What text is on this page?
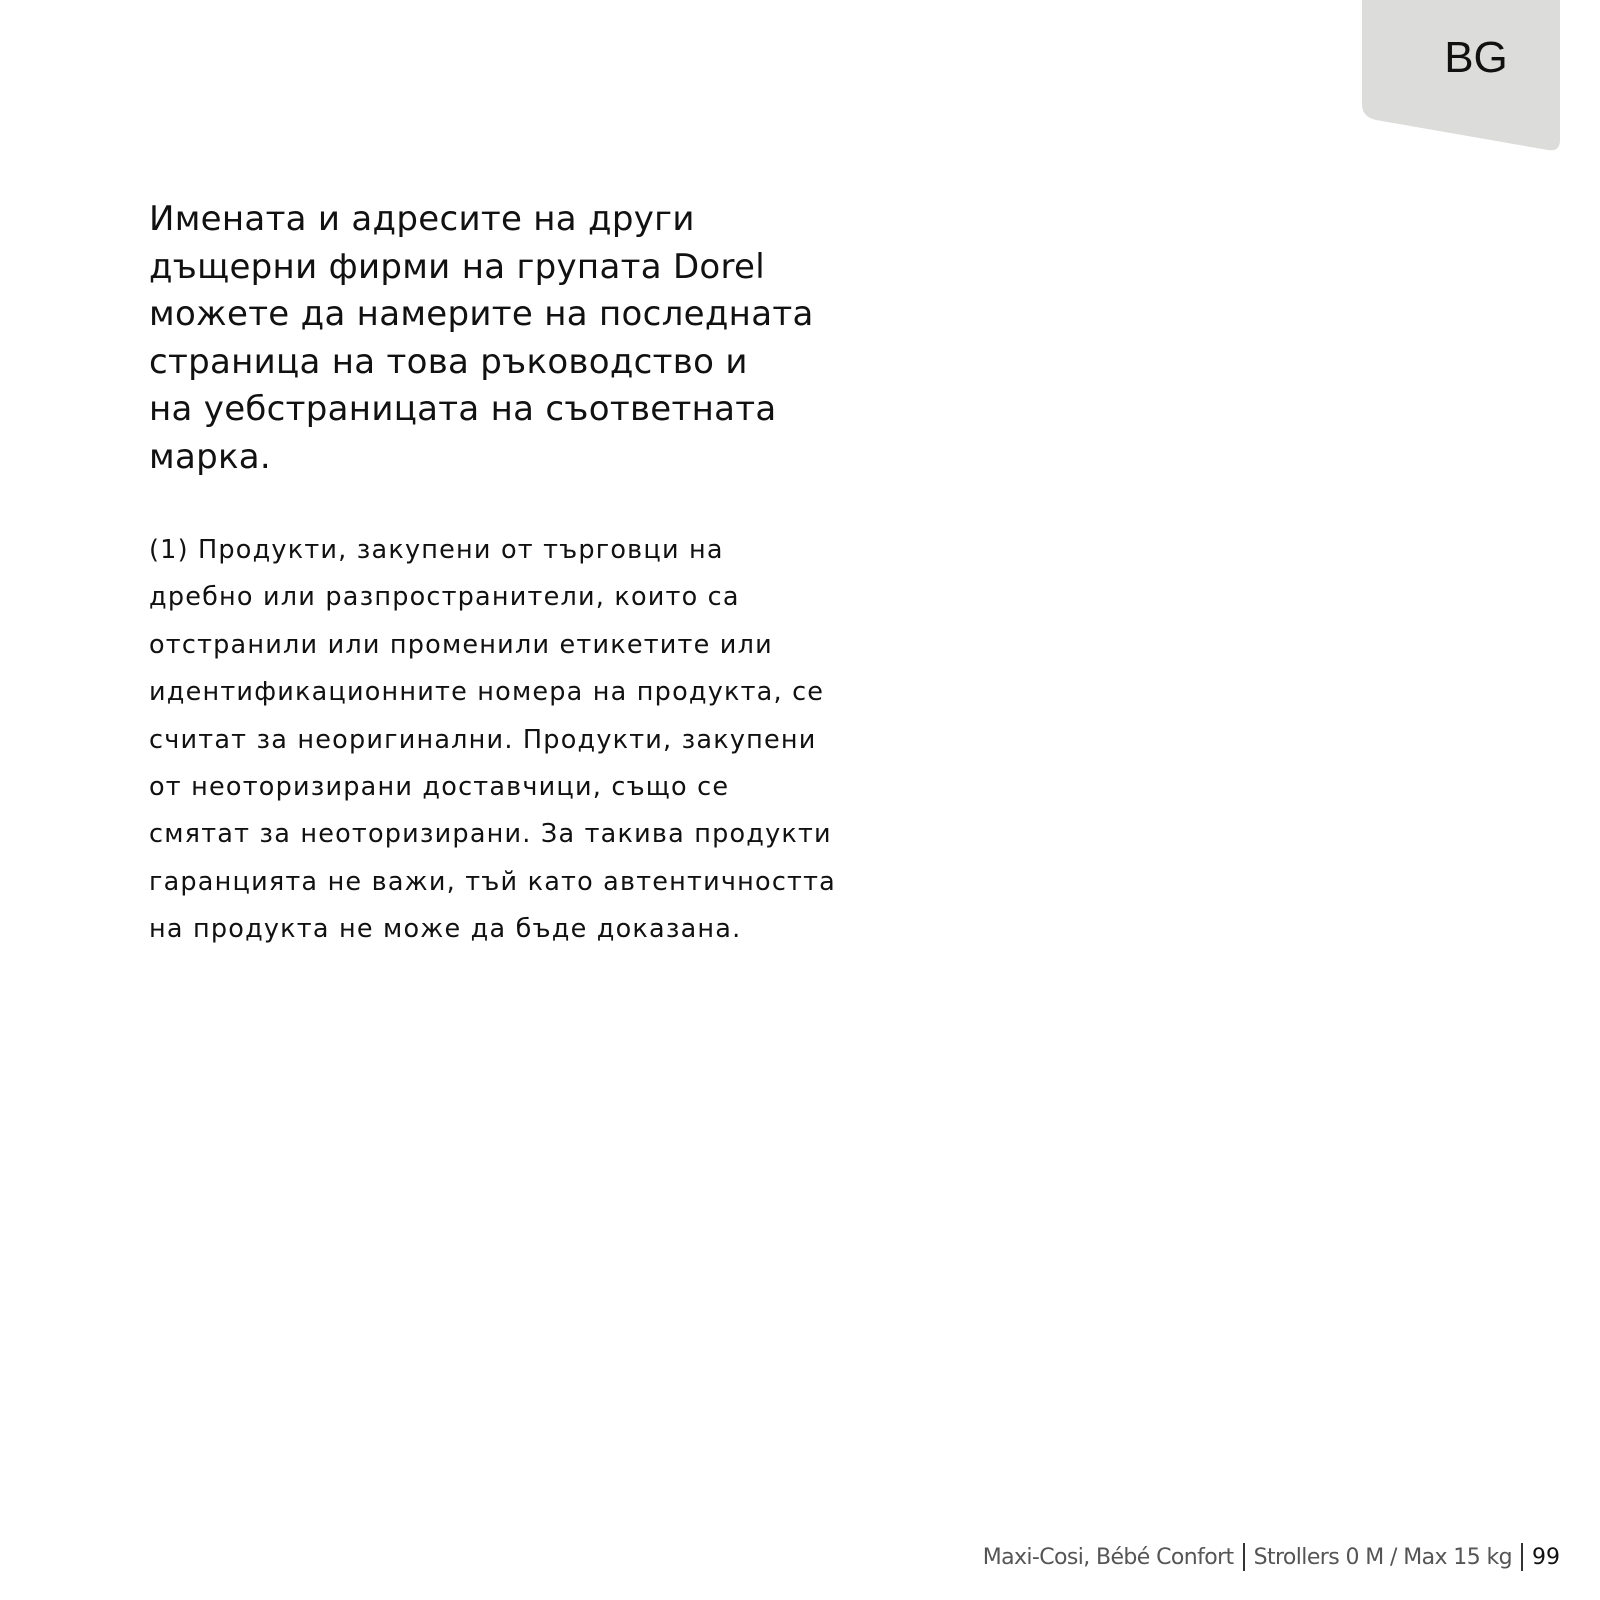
BG
Имената и адресите на други
дъщерни фирми на групата Dorel
можете да намерите на последната
страница на това ръководство и
на уебстраницата на съответната
марка.

(1) Продукти, закупени от търговци на
дребно или разпространители, които са
отстранили или променили етикетите или
идентификационните номера на продукта, се
считат за неоригинални. Продукти, закупени
от неоторизирани доставчици, също се
смятат за неоторизирани. За такива продукти
гаранцията не важи, тъй като автентичността
на продукта не може да бъде доказана.

Maxi-Cosi, Bébé Confort Strollers 0 M / Max 15 kg 99
